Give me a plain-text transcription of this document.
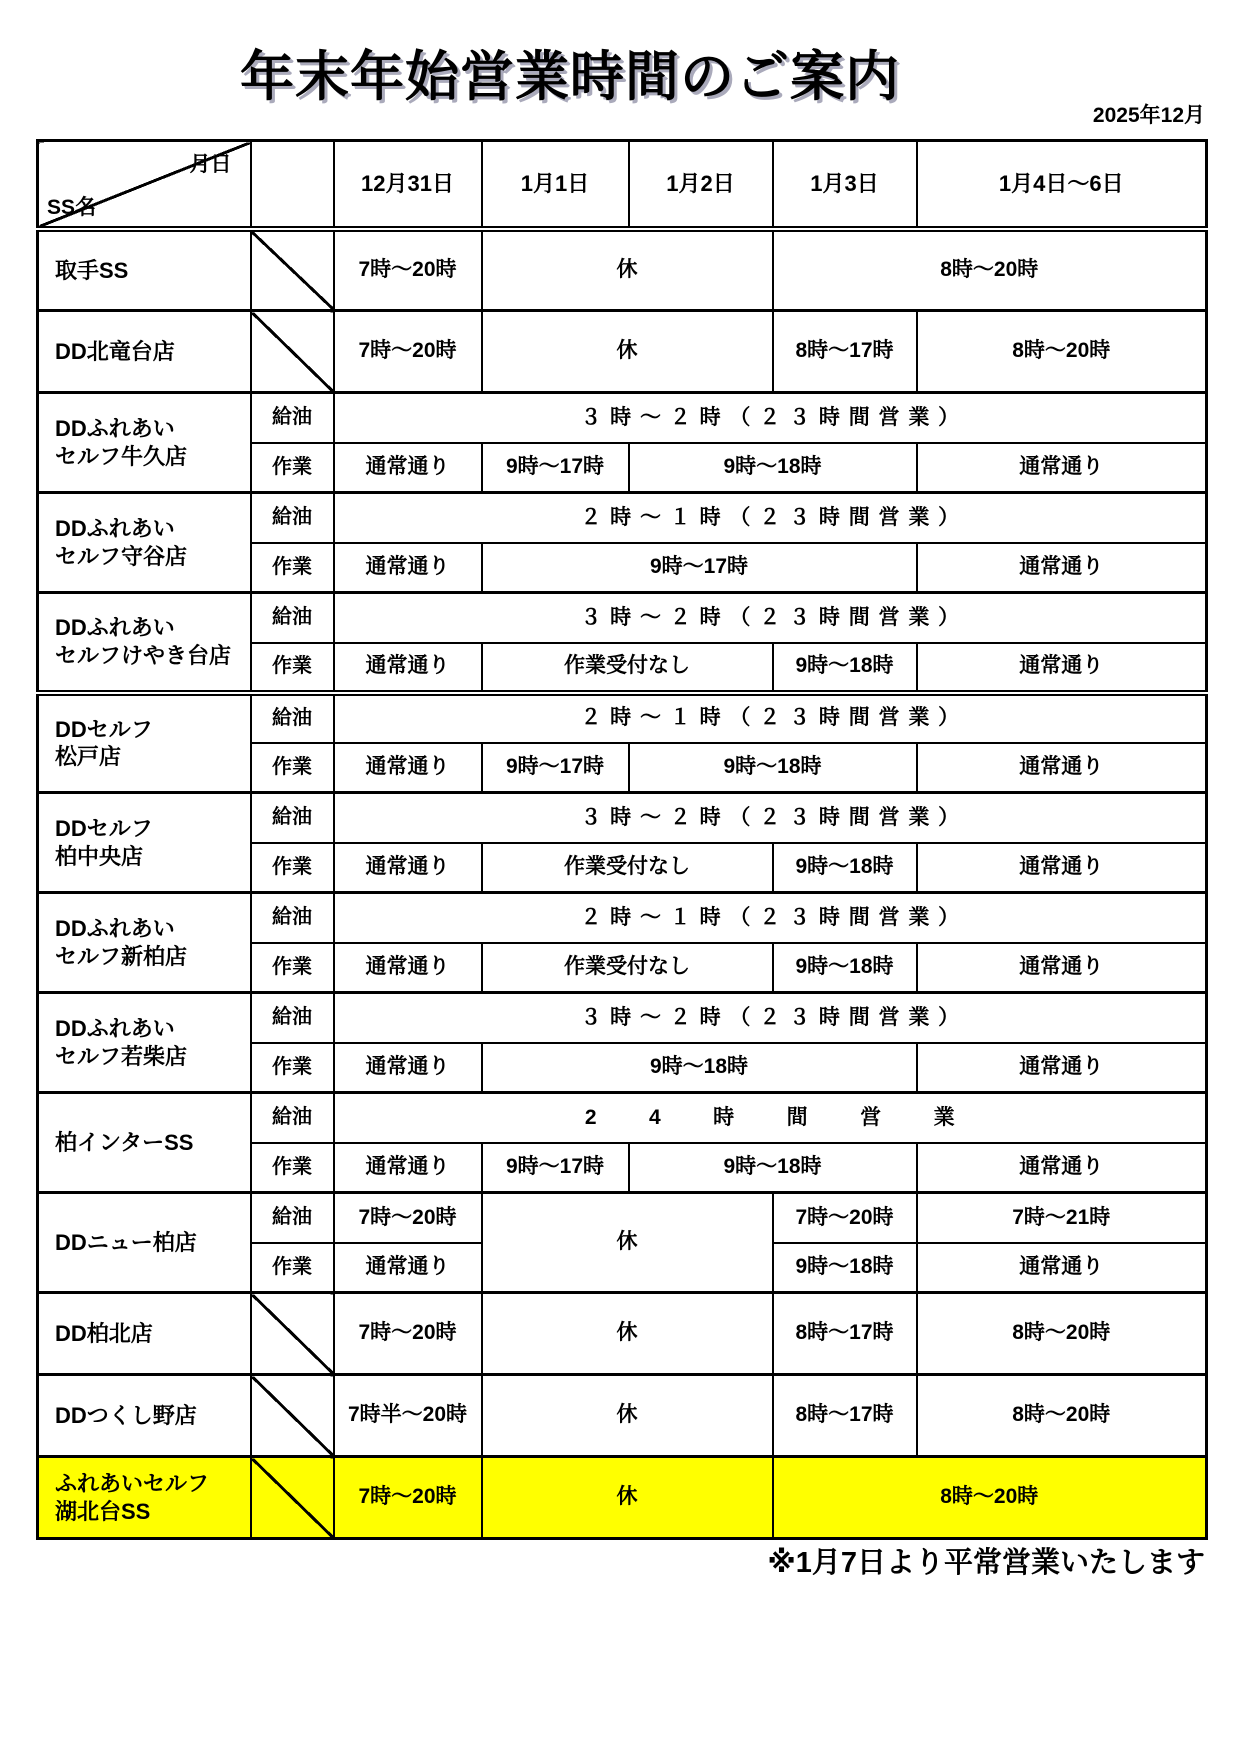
年末年始営業時間のご案内
2025年12月
月日
SS名		12月31日	1月1日	1月2日	1月3日	1月4日～6日
取手SS		7時～20時	休		8時～20時	
DD北竜台店		7時～20時	休		8時～17時	8時～20時
DDふれあい
セルフ牛久店	給油	３時～２時（２３時間営業）				
	作業	通常通り	9時～17時	9時～18時		通常通り
DDふれあい
セルフ守谷店	給油	２時～１時（２３時間営業）				
	作業	通常通り	9時～17時			通常通り
DDふれあい
セルフけやき台店	給油	３時～２時（２３時間営業）				
	作業	通常通り	作業受付なし		9時～18時	通常通り
DDセルフ
松戸店	給油	２時～１時（２３時間営業）				
	作業	通常通り	9時～17時	9時～18時		通常通り
DDセルフ
柏中央店	給油	３時～２時（２３時間営業）				
	作業	通常通り	作業受付なし		9時～18時	通常通り
DDふれあい
セルフ新柏店	給油	２時～１時（２３時間営業）				
	作業	通常通り	作業受付なし		9時～18時	通常通り
DDふれあい
セルフ若柴店	給油	３時～２時（２３時間営業）				
	作業	通常通り	9時～18時			通常通り
柏インターSS	給油	24時間営業				
	作業	通常通り	9時～17時	9時～18時		通常通り
DDニュー柏店	給油	7時～20時	休		7時～20時	7時～21時
	作業	通常通り			9時～18時	通常通り
DD柏北店		7時～20時	休		8時～17時	8時～20時
DDつくし野店		7時半～20時	休		8時～17時	8時～20時
ふれあいセルフ
湖北台SS		7時～20時	休		8時～20時	
※1月7日より平常営業いたします
